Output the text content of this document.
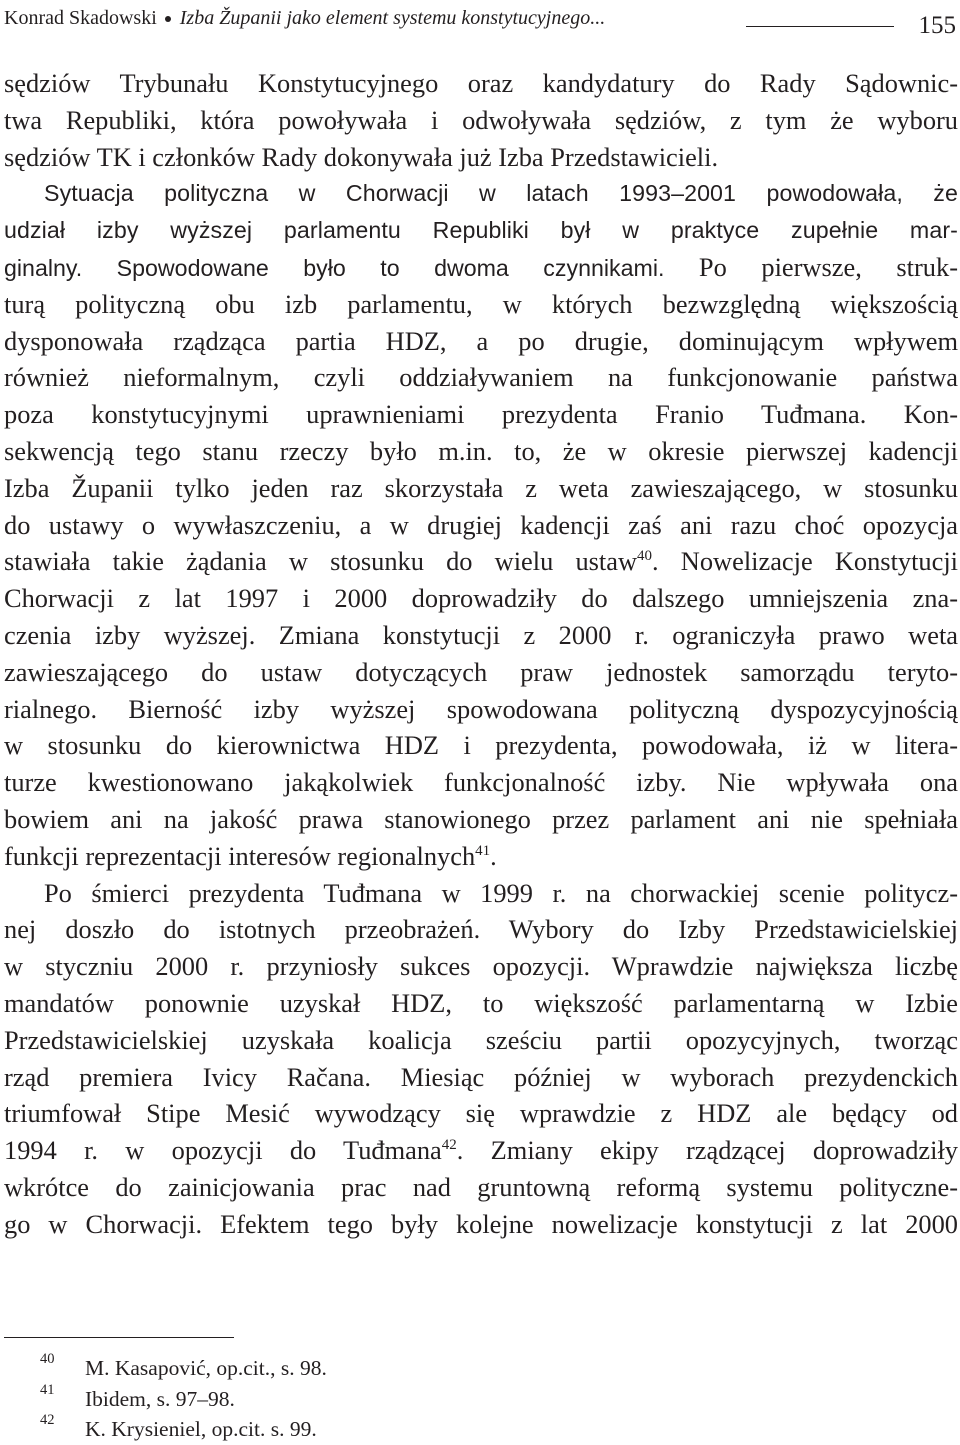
Konrad Skadowski Izba Županii jako element systemu konstytucyjnego...	155
sędziów Trybunału Konstytucyjnego oraz kandydatury do Rady Sądownic-
twa Republiki, która powoływała i odwoływała sędziów, z tym że wyboru
sędziów TK i członków Rady dokonywała już Izba Przedstawicieli.
Sytuacja polityczna w Chorwacji w latach 1993–2001 powodowała, że
udział izby wyższej parlamentu Republiki był w praktyce zupełnie mar-
ginalny. Spowodowane było to dwoma czynnikami. Po pierwsze, struk-
turą polityczną obu izb parlamentu, w których bezwzględną większością
dysponowała rządząca partia HDZ, a po drugie, dominującym wpływem
również nieformalnym, czyli oddziaływaniem na funkcjonowanie państwa
poza konstytucyjnymi uprawnieniami prezydenta Franio Tuđmana. Kon-
sekwencją tego stanu rzeczy było m.in. to, że w okresie pierwszej kadencji
Izba Županii tylko jeden raz skorzystała z weta zawieszającego, w stosunku
do ustawy o wywłaszczeniu, a w drugiej kadencji zaś ani razu choć opozycja
stawiała takie żądania w stosunku do wielu ustaw$^{40}$. Nowelizacje Konstytucji
Chorwacji z lat 1997 i 2000 doprowadziły do dalszego umniejszenia zna-
czenia izby wyższej. Zmiana konstytucji z 2000 r. ograniczyła prawo weta
zawieszającego do ustaw dotyczących praw jednostek samorządu teryto-
rialnego. Bierność izby wyższej spowodowana polityczną dyspozycyjnością
w stosunku do kierownictwa HDZ i prezydenta, powodowała, iż w litera-
turze kwestionowano jakąkolwiek funkcjonalność izby. Nie wpływała ona
bowiem ani na jakość prawa stanowionego przez parlament ani nie spełniała
funkcji reprezentacji interesów regionalnych$^{41}$.
Po śmierci prezydenta Tuđmana w 1999 r. na chorwackiej scenie politycz-
nej doszło do istotnych przeobrażeń. Wybory do Izby Przedstawicielskiej
w styczniu 2000 r. przyniosły sukces opozycji. Wprawdzie największa liczbę
mandatów ponownie uzyskał HDZ, to większość parlamentarną w Izbie
Przedstawicielskiej uzyskała koalicja sześciu partii opozycyjnych, tworząc
rząd premiera Ivicy Račana. Miesiąc później w wyborach prezydenckich
triumfował Stipe Mesić wywodzący się wprawdzie z HDZ ale będący od
1994 r. w opozycji do Tuđmana$^{42}$. Zmiany ekipy rządzącej doprowadziły
wkrótce do zainicjowania prac nad gruntowną reformą systemu politycznе-
go w Chorwacji. Efektem tego były kolejne nowelizacje konstytucji z lat 2000
40 M. Kasapović, op.cit., s. 98.
41 Ibidem, s. 97–98.
42 K. Krysieniel, op.cit. s. 99.
